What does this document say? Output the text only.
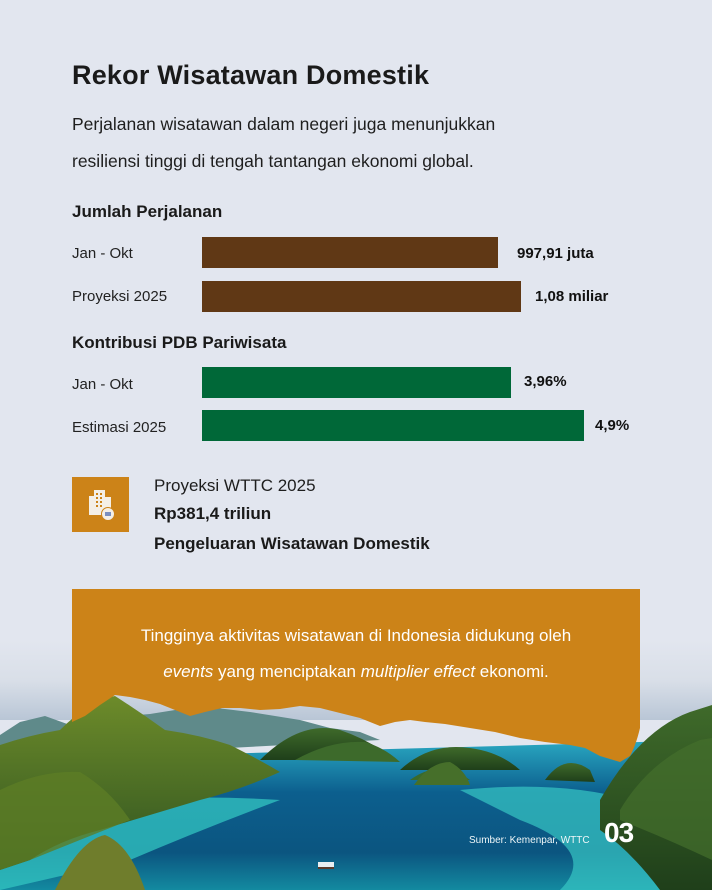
Rekor Wisatawan Domestik
Perjalanan wisatawan dalam negeri juga menunjukkan
resiliensi tinggi di tengah tantangan ekonomi global.
Jumlah Perjalanan
Jan - Okt	997,91 juta
Proyeksi 2025	1,08 miliar
Kontribusi PDB Pariwisata
Jan - Okt	3,96%
Estimasi 2025	4,9%
Proyeksi WTTC 2025
Rp381,4 triliun
Pengeluaran Wisatawan Domestik
Tingginya aktivitas wisatawan di Indonesia didukung oleh
events yang menciptakan multiplier effect ekonomi.
Sumber: Kemenpar, WTTC 03
